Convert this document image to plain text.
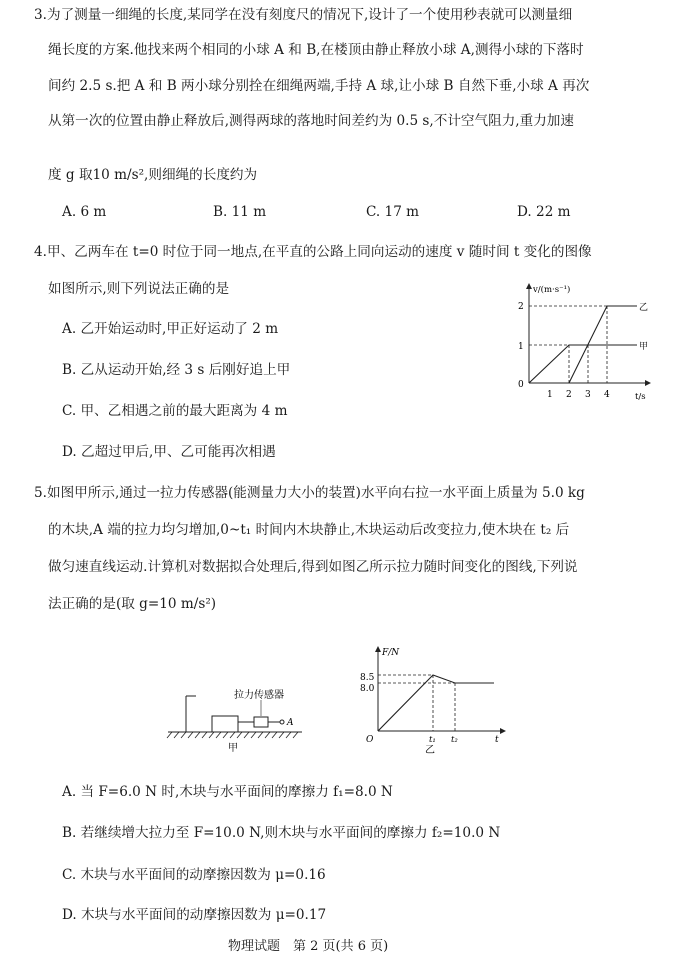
3.为了测量一细绳的长度,某同学在没有刻度尺的情况下,设计了一个使用秒表就可以测量细
绳长度的方案.他找来两个相同的小球 A 和 B,在楼顶由静止释放小球 A,测得小球的下落时
间约 2.5 s.把 A 和 B 两小球分别拴在细绳两端,手持 A 球,让小球 B 自然下垂,小球 A 再次
从第一次的位置由静止释放后,测得两球的落地时间差约为 0.5 s,不计空气阻力,重力加速
度 g 取10 m/s²,则细绳的长度约为
A. 6 m	B. 11 m	C. 17 m	D. 22 m
4.甲、乙两车在 t=0 时位于同一地点,在平直的公路上同向运动的速度 v 随时间 t 变化的图像
如图所示,则下列说法正确的是
A. 乙开始运动时,甲正好运动了 2 m
B. 乙从运动开始,经 3 s 后刚好追上甲
C. 甲、乙相遇之前的最大距离为 4 m
D. 乙超过甲后,甲、乙可能再次相遇
v/(m·s⁻¹)
t/s
2
1
0
1 2 3 4
甲
乙
5.如图甲所示,通过一拉力传感器(能测量力大小的装置)水平向右拉一水平面上质量为 5.0 kg
的木块,A 端的拉力均匀增加,0~t₁ 时间内木块静止,木块运动后改变拉力,使木块在 t₂ 后
做匀速直线运动.计算机对数据拟合处理后,得到如图乙所示拉力随时间变化的图线,下列说
法正确的是(取 g=10 m/s²)
A
拉力传感器
甲
F/N
8.5
8.0
O	t₁ t₂	t
乙
A. 当 F=6.0 N 时,木块与水平面间的摩擦力 f₁=8.0 N
B. 若继续增大拉力至 F=10.0 N,则木块与水平面间的摩擦力 f₂=10.0 N
C. 木块与水平面间的动摩擦因数为 μ=0.16
D. 木块与水平面间的动摩擦因数为 μ=0.17
物理试题　第 2 页(共 6 页)
